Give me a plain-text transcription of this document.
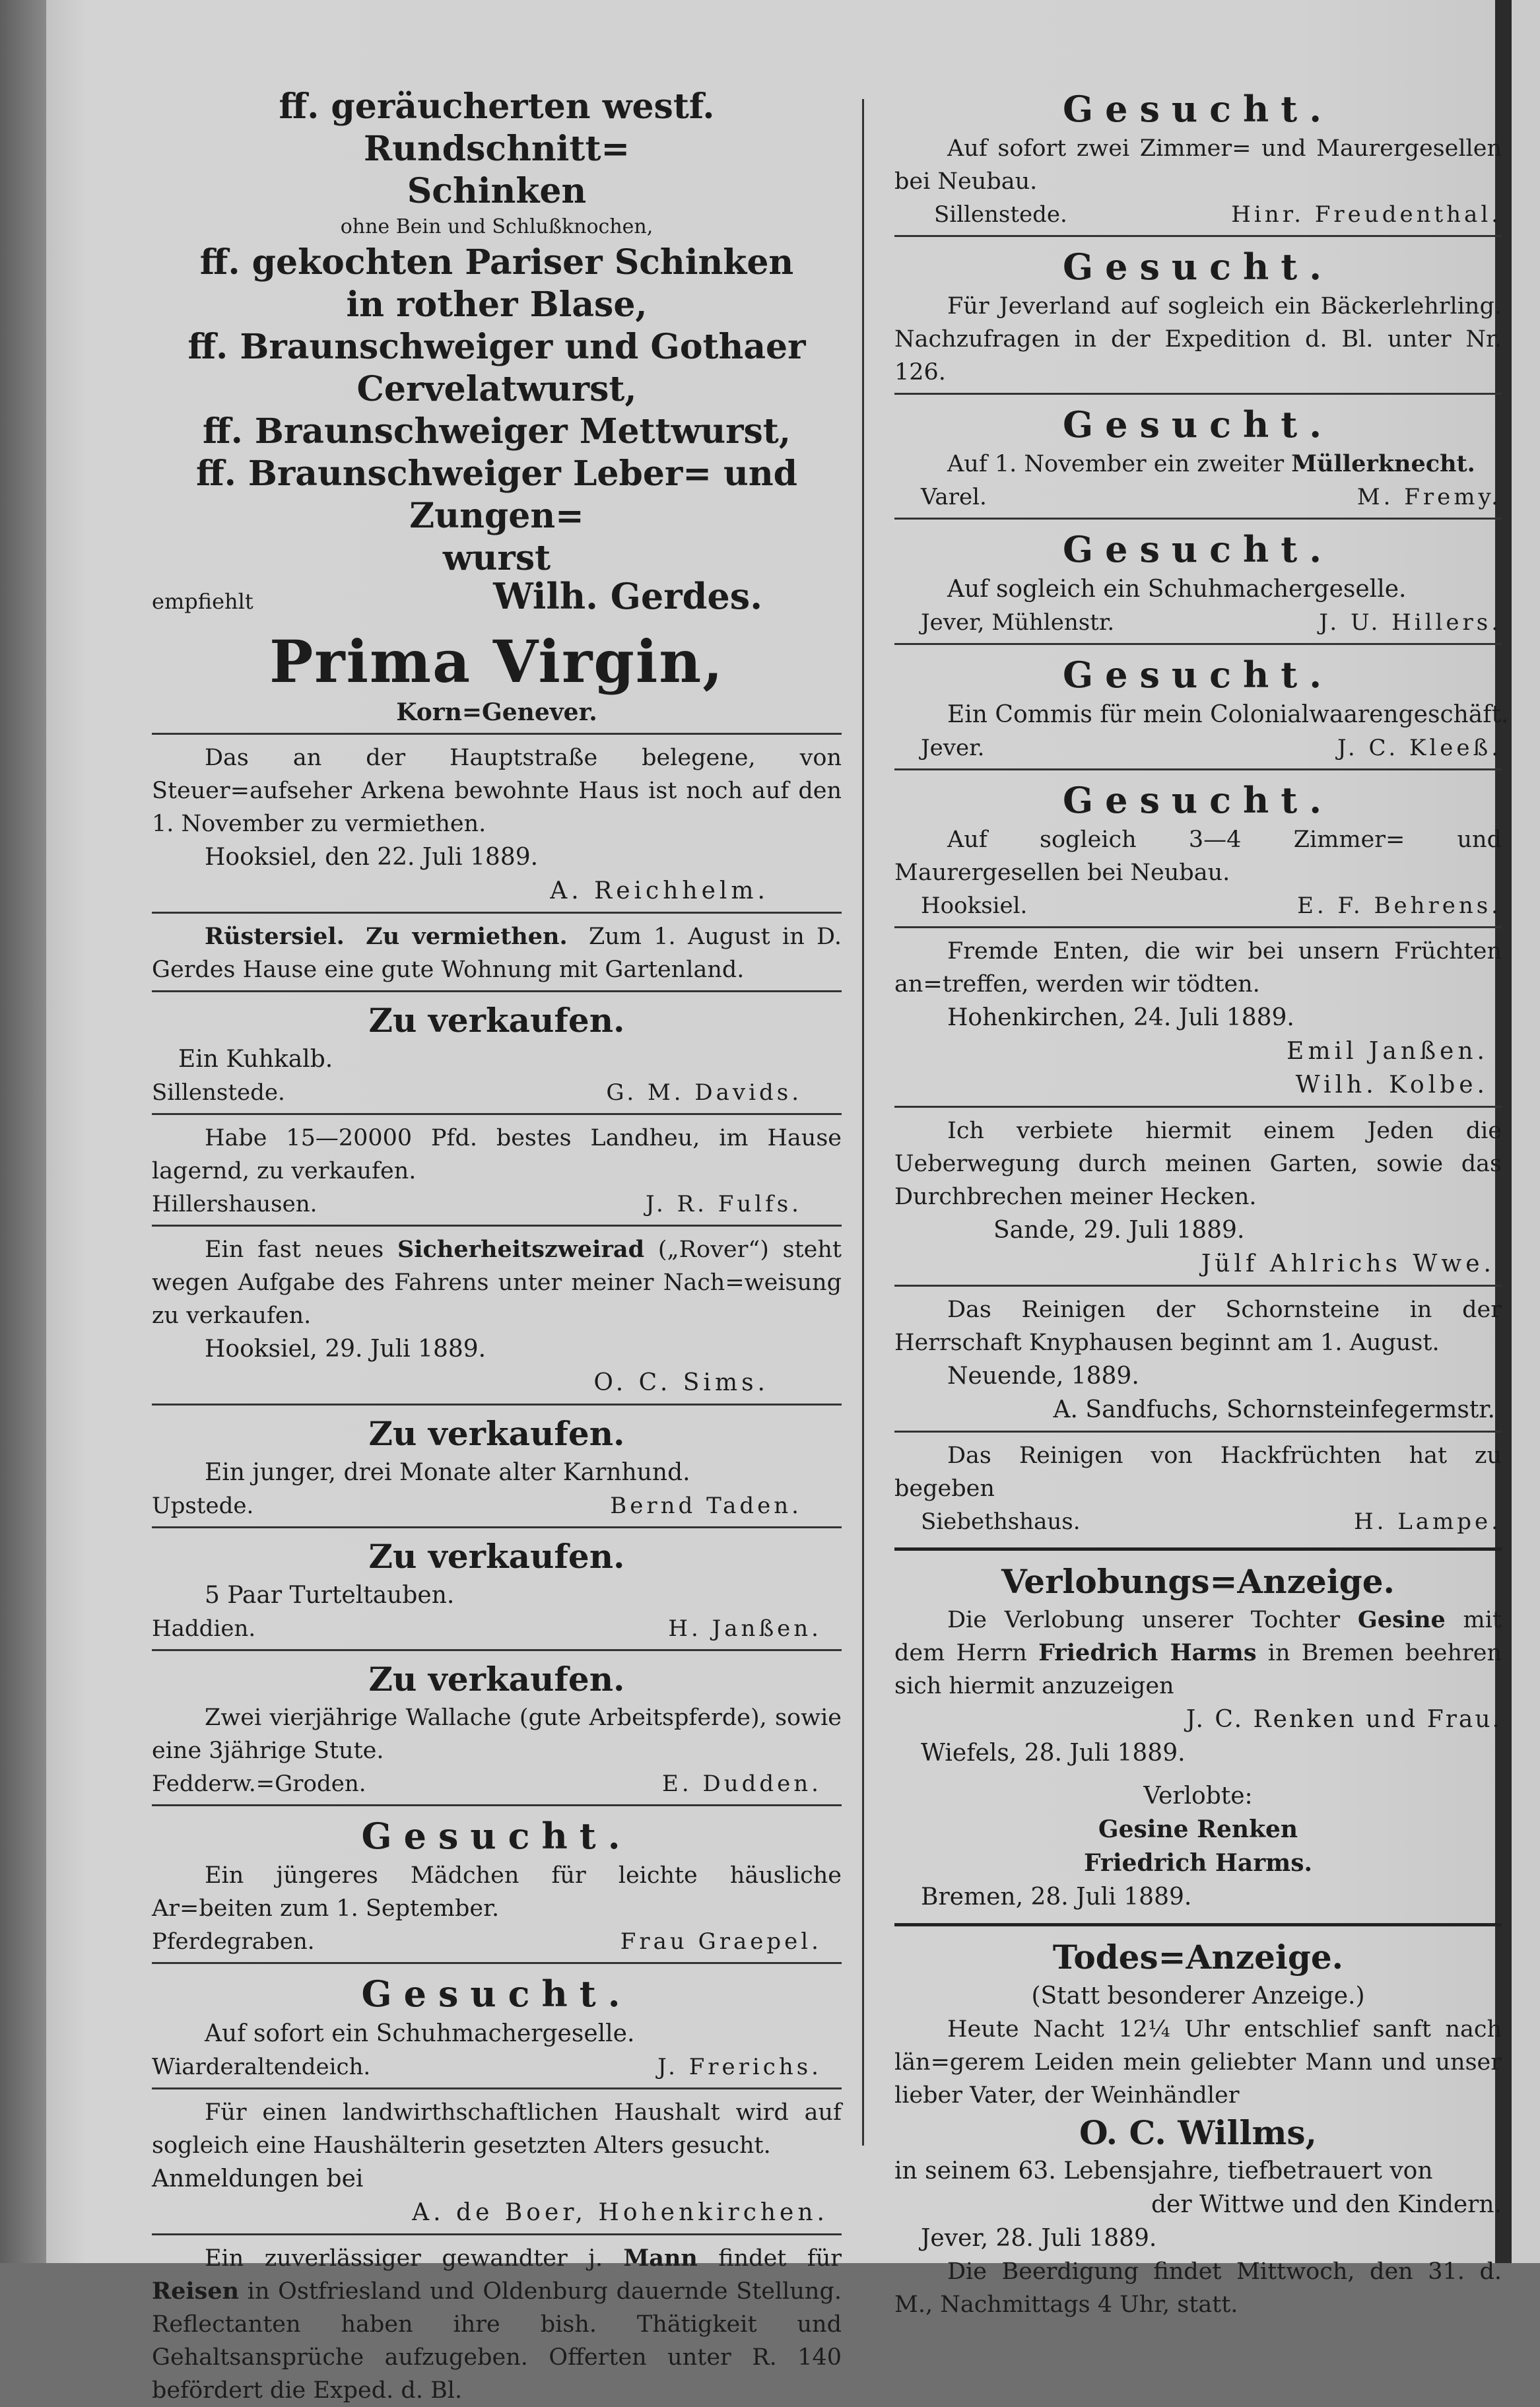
ff. geräucherten westf. Rundschnitt=
Schinken
ohne Bein und Schlußknochen,
ff. gekochten Pariser Schinken
in rother Blase,
ff. Braunschweiger und Gothaer
Cervelatwurst,
ff. Braunschweiger Mettwurst,
ff. Braunschweiger Leber= und Zungen=
wurst
empfiehlt	Wilh. Gerdes.
Prima Virgin,
Korn=Genever.
Das an der Hauptstraße belegene, von Steuer=aufseher Arkena bewohnte Haus ist noch auf den 1. November zu vermiethen.
Hooksiel, den 22. Juli 1889.
A. Reichhelm.
Rüstersiel. Zu vermiethen. Zum 1. August in D. Gerdes Hause eine gute Wohnung mit Gartenland.
Zu verkaufen.
Ein Kuhkalb.
Sillenstede.	G. M. Davids.
Habe 15—20000 Pfd. bestes Landheu, im Hause lagernd, zu verkaufen.
Hillershausen.	J. R. Fulfs.
Ein fast neues Sicherheitszweirad („Rover“) steht wegen Aufgabe des Fahrens unter meiner Nach=weisung zu verkaufen.
Hooksiel, 29. Juli 1889.
O. C. Sims.
Zu verkaufen.
Ein junger, drei Monate alter Karnhund.
Upstede.	Bernd Taden.
Zu verkaufen.
5 Paar Turteltauben.
Haddien.	H. Janßen.
Zu verkaufen.
Zwei vierjährige Wallache (gute Arbeitspferde), sowie eine 3jährige Stute.
Fedderw.=Groden.	E. Dudden.
Gesucht.
Ein jüngeres Mädchen für leichte häusliche Ar=beiten zum 1. September.
Pferdegraben.	Frau Graepel.
Gesucht.
Auf sofort ein Schuhmachergeselle.
Wiarderaltendeich.	J. Frerichs.
Für einen landwirthschaftlichen Haushalt wird auf sogleich eine Haushälterin gesetzten Alters gesucht.
Anmeldungen bei
A. de Boer, Hohenkirchen.
Ein zuverlässiger gewandter j. Mann findet für Reisen in Ostfriesland und Oldenburg dauernde Stellung. Reflectanten haben ihre bish. Thätigkeit und Gehaltsansprüche aufzugeben. Offerten unter R. 140 befördert die Exped. d. Bl.
Gesucht.
Auf sofort zwei Zimmer= und Maurergesellen bei Neubau.
Sillenstede.	Hinr. Freudenthal.
Gesucht.
Für Jeverland auf sogleich ein Bäckerlehrling. Nachzufragen in der Expedition d. Bl. unter Nr. 126.
Gesucht.
Auf 1. November ein zweiter Müllerknecht.
Varel.	M. Fremy.
Gesucht.
Auf sogleich ein Schuhmachergeselle.
Jever, Mühlenstr.	J. U. Hillers.
Gesucht.
Ein Commis für mein Colonialwaarengeschäft.
Jever.	J. C. Kleeß.
Gesucht.
Auf sogleich 3—4 Zimmer= und Maurergesellen bei Neubau.
Hooksiel.	E. F. Behrens.
Fremde Enten, die wir bei unsern Früchten an=treffen, werden wir tödten.
Hohenkirchen, 24. Juli 1889.
Emil Janßen.
Wilh. Kolbe.
Ich verbiete hiermit einem Jeden die Ueberwegung durch meinen Garten, sowie das Durchbrechen meiner Hecken.
Sande, 29. Juli 1889.
Jülf Ahlrichs Wwe.
Das Reinigen der Schornsteine in der Herrschaft Knyphausen beginnt am 1. August.
Neuende, 1889.
A. Sandfuchs, Schornsteinfegermstr.
Das Reinigen von Hackfrüchten hat zu begeben
Siebethshaus.	H. Lampe.
Verlobungs=Anzeige.
Die Verlobung unserer Tochter Gesine mit dem Herrn Friedrich Harms in Bremen beehren sich hiermit anzuzeigen
J. C. Renken und Frau.
Wiefels, 28. Juli 1889.
Verlobte:
Gesine Renken
Friedrich Harms.
Bremen, 28. Juli 1889.
Todes=Anzeige.
(Statt besonderer Anzeige.)
Heute Nacht 12¼ Uhr entschlief sanft nach län=gerem Leiden mein geliebter Mann und unser lieber Vater, der Weinhändler
O. C. Willms,
in seinem 63. Lebensjahre, tiefbetrauert von
der Wittwe und den Kindern.
Jever, 28. Juli 1889.
Die Beerdigung findet Mittwoch, den 31. d. M., Nachmittags 4 Uhr, statt.
